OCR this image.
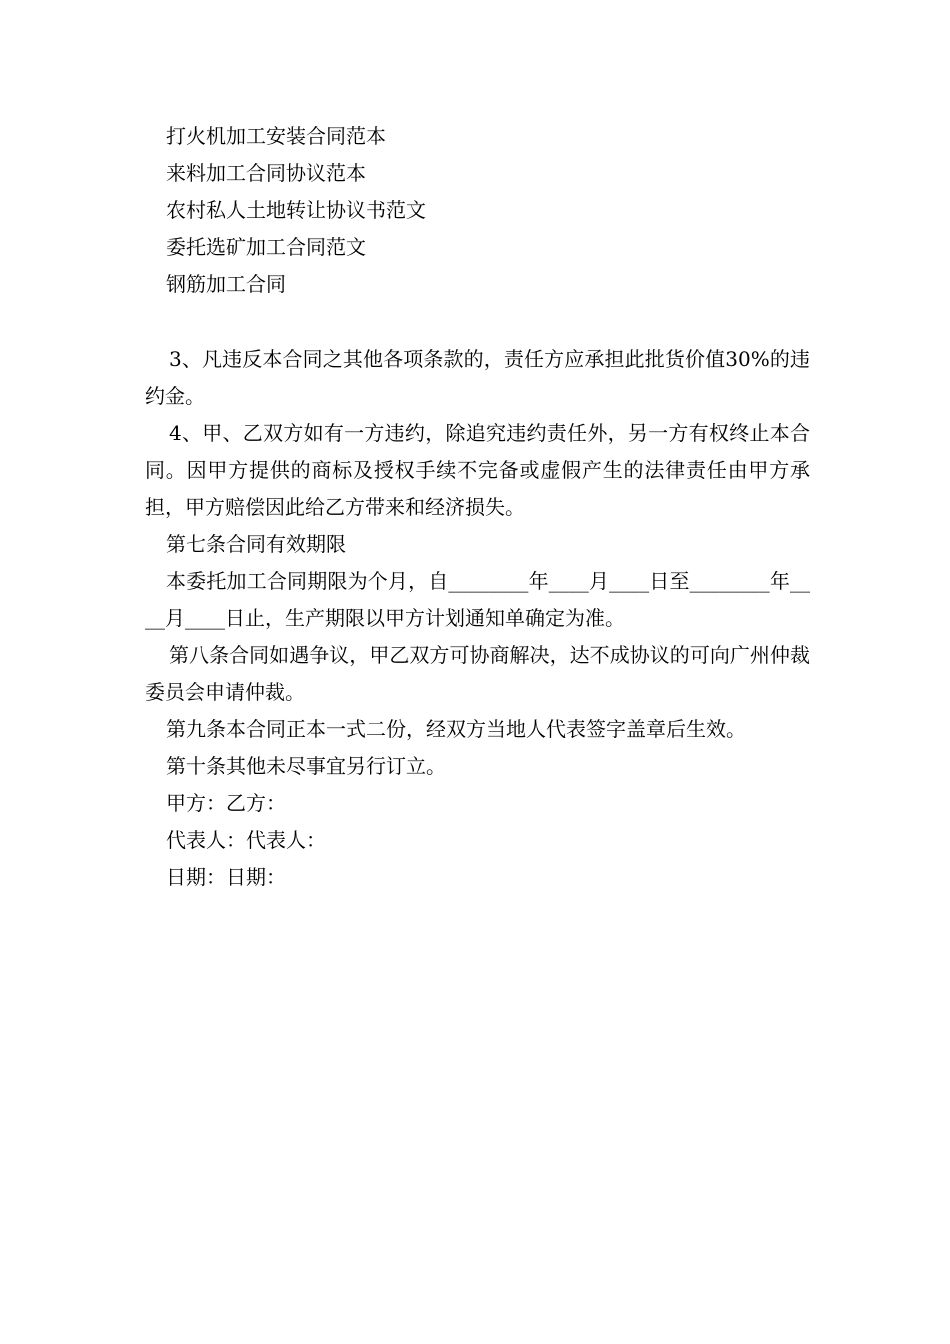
打火机加工安装合同范本
来料加工合同协议范本
农村私人土地转让协议书范文
委托选矿加工合同范文
钢筋加工合同

3、凡违反本合同之其他各项条款的，责任方应承担此批货价值30%的违约金。

4、甲、乙双方如有一方违约，除追究违约责任外，另一方有权终止本合同。因甲方提供的商标及授权手续不完备或虚假产生的法律责任由甲方承担，甲方赔偿因此给乙方带来和经济损失。

第七条合同有效期限

本委托加工合同期限为个月，自________年____月____日至________年____月____日止，生产期限以甲方计划通知单确定为准。

第八条合同如遇争议，甲乙双方可协商解决，达不成协议的可向广州仲裁委员会申请仲裁。

第九条本合同正本一式二份，经双方当地人代表签字盖章后生效。

第十条其他未尽事宜另行订立。

甲方：乙方：

代表人：代表人：

日期：日期：
